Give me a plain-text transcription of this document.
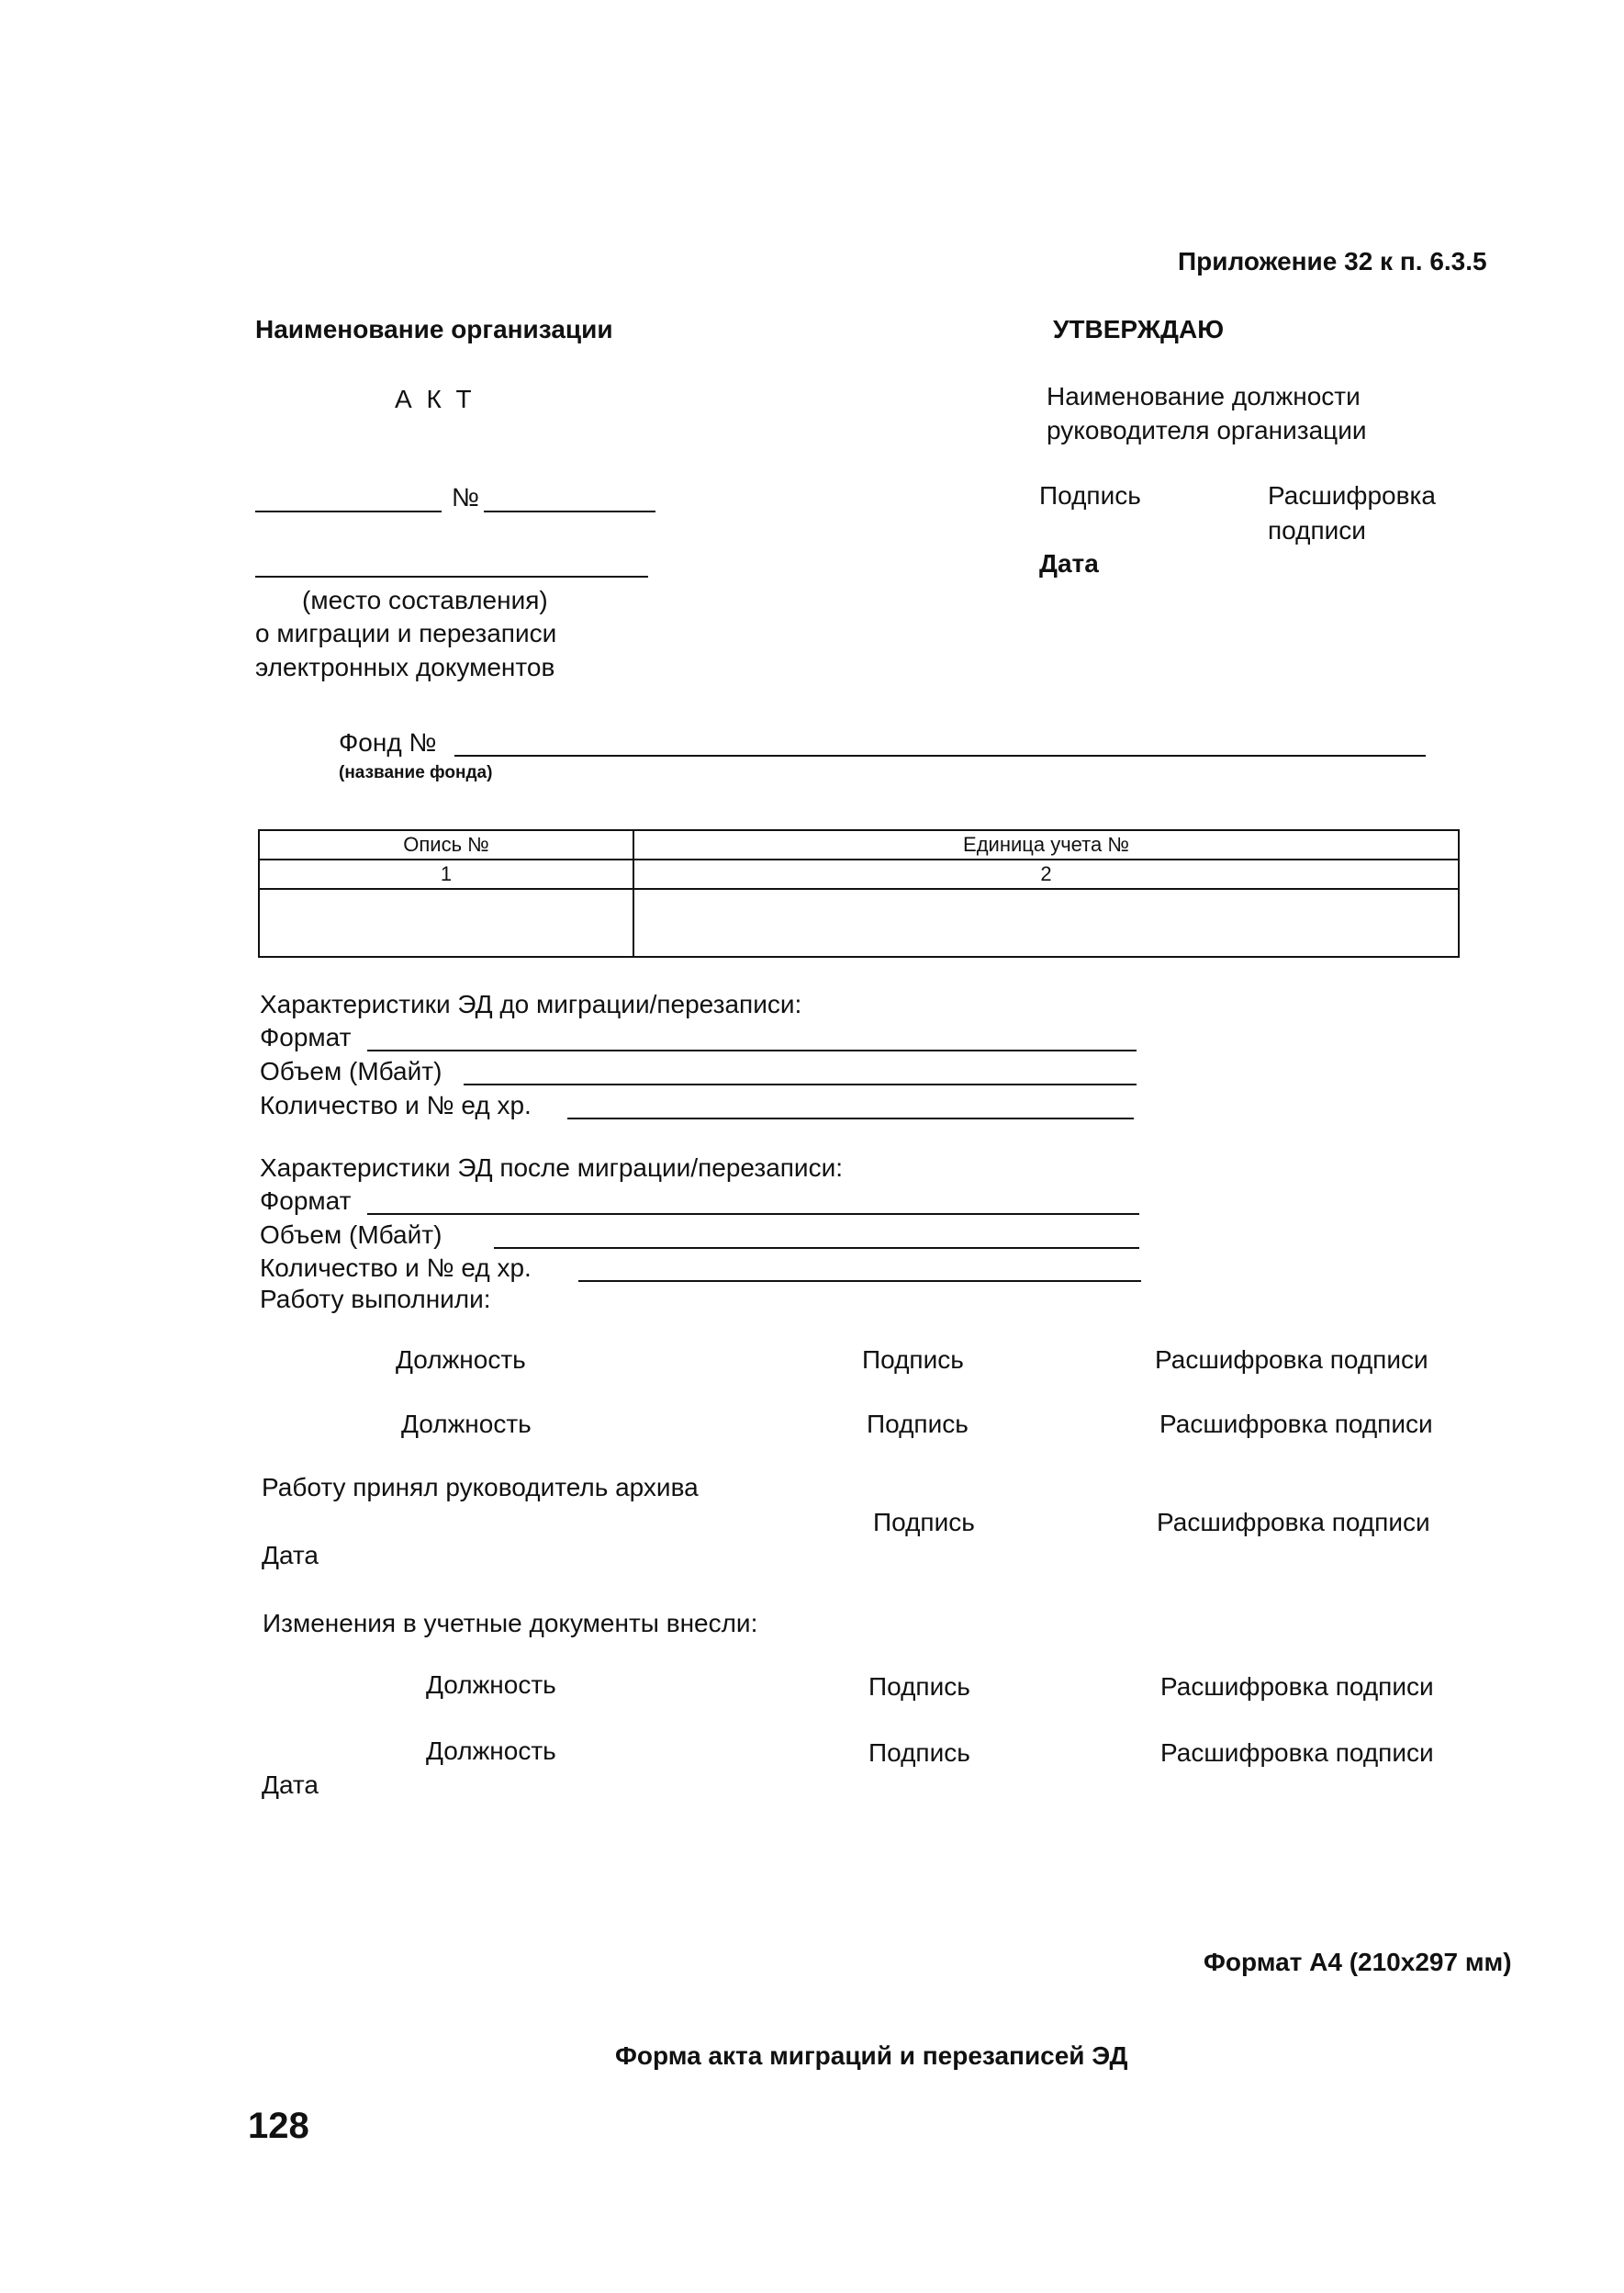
Приложение 32 к п. 6.3.5
Наименование организации	УТВЕРЖДАЮ
А К Т	Наименование должности
руководителя организации
№	Подпись	Расшифровка
подписи
Дата
(место составления)
о миграции и перезаписи
электронных документов
Фонд №
(название фонда)
Опись №	Единица учета №
1	2

Характеристики ЭД до миграции/перезаписи:
Формат
Объем (Мбайт)
Количество и № ед хр.
Характеристики ЭД после миграции/перезаписи:
Формат
Объем (Мбайт)
Количество и № ед хр.
Работу выполнили:
Должность	Подпись	Расшифровка подписи
Должность	Подпись	Расшифровка подписи
Работу принял руководитель архива
Подпись	Расшифровка подписи
Дата
Изменения в учетные документы внесли:
Должность	Подпись	Расшифровка подписи
Должность	Подпись	Расшифровка подписи
Дата
Формат А4 (210х297 мм)
Форма акта миграций и перезаписей ЭД
128
